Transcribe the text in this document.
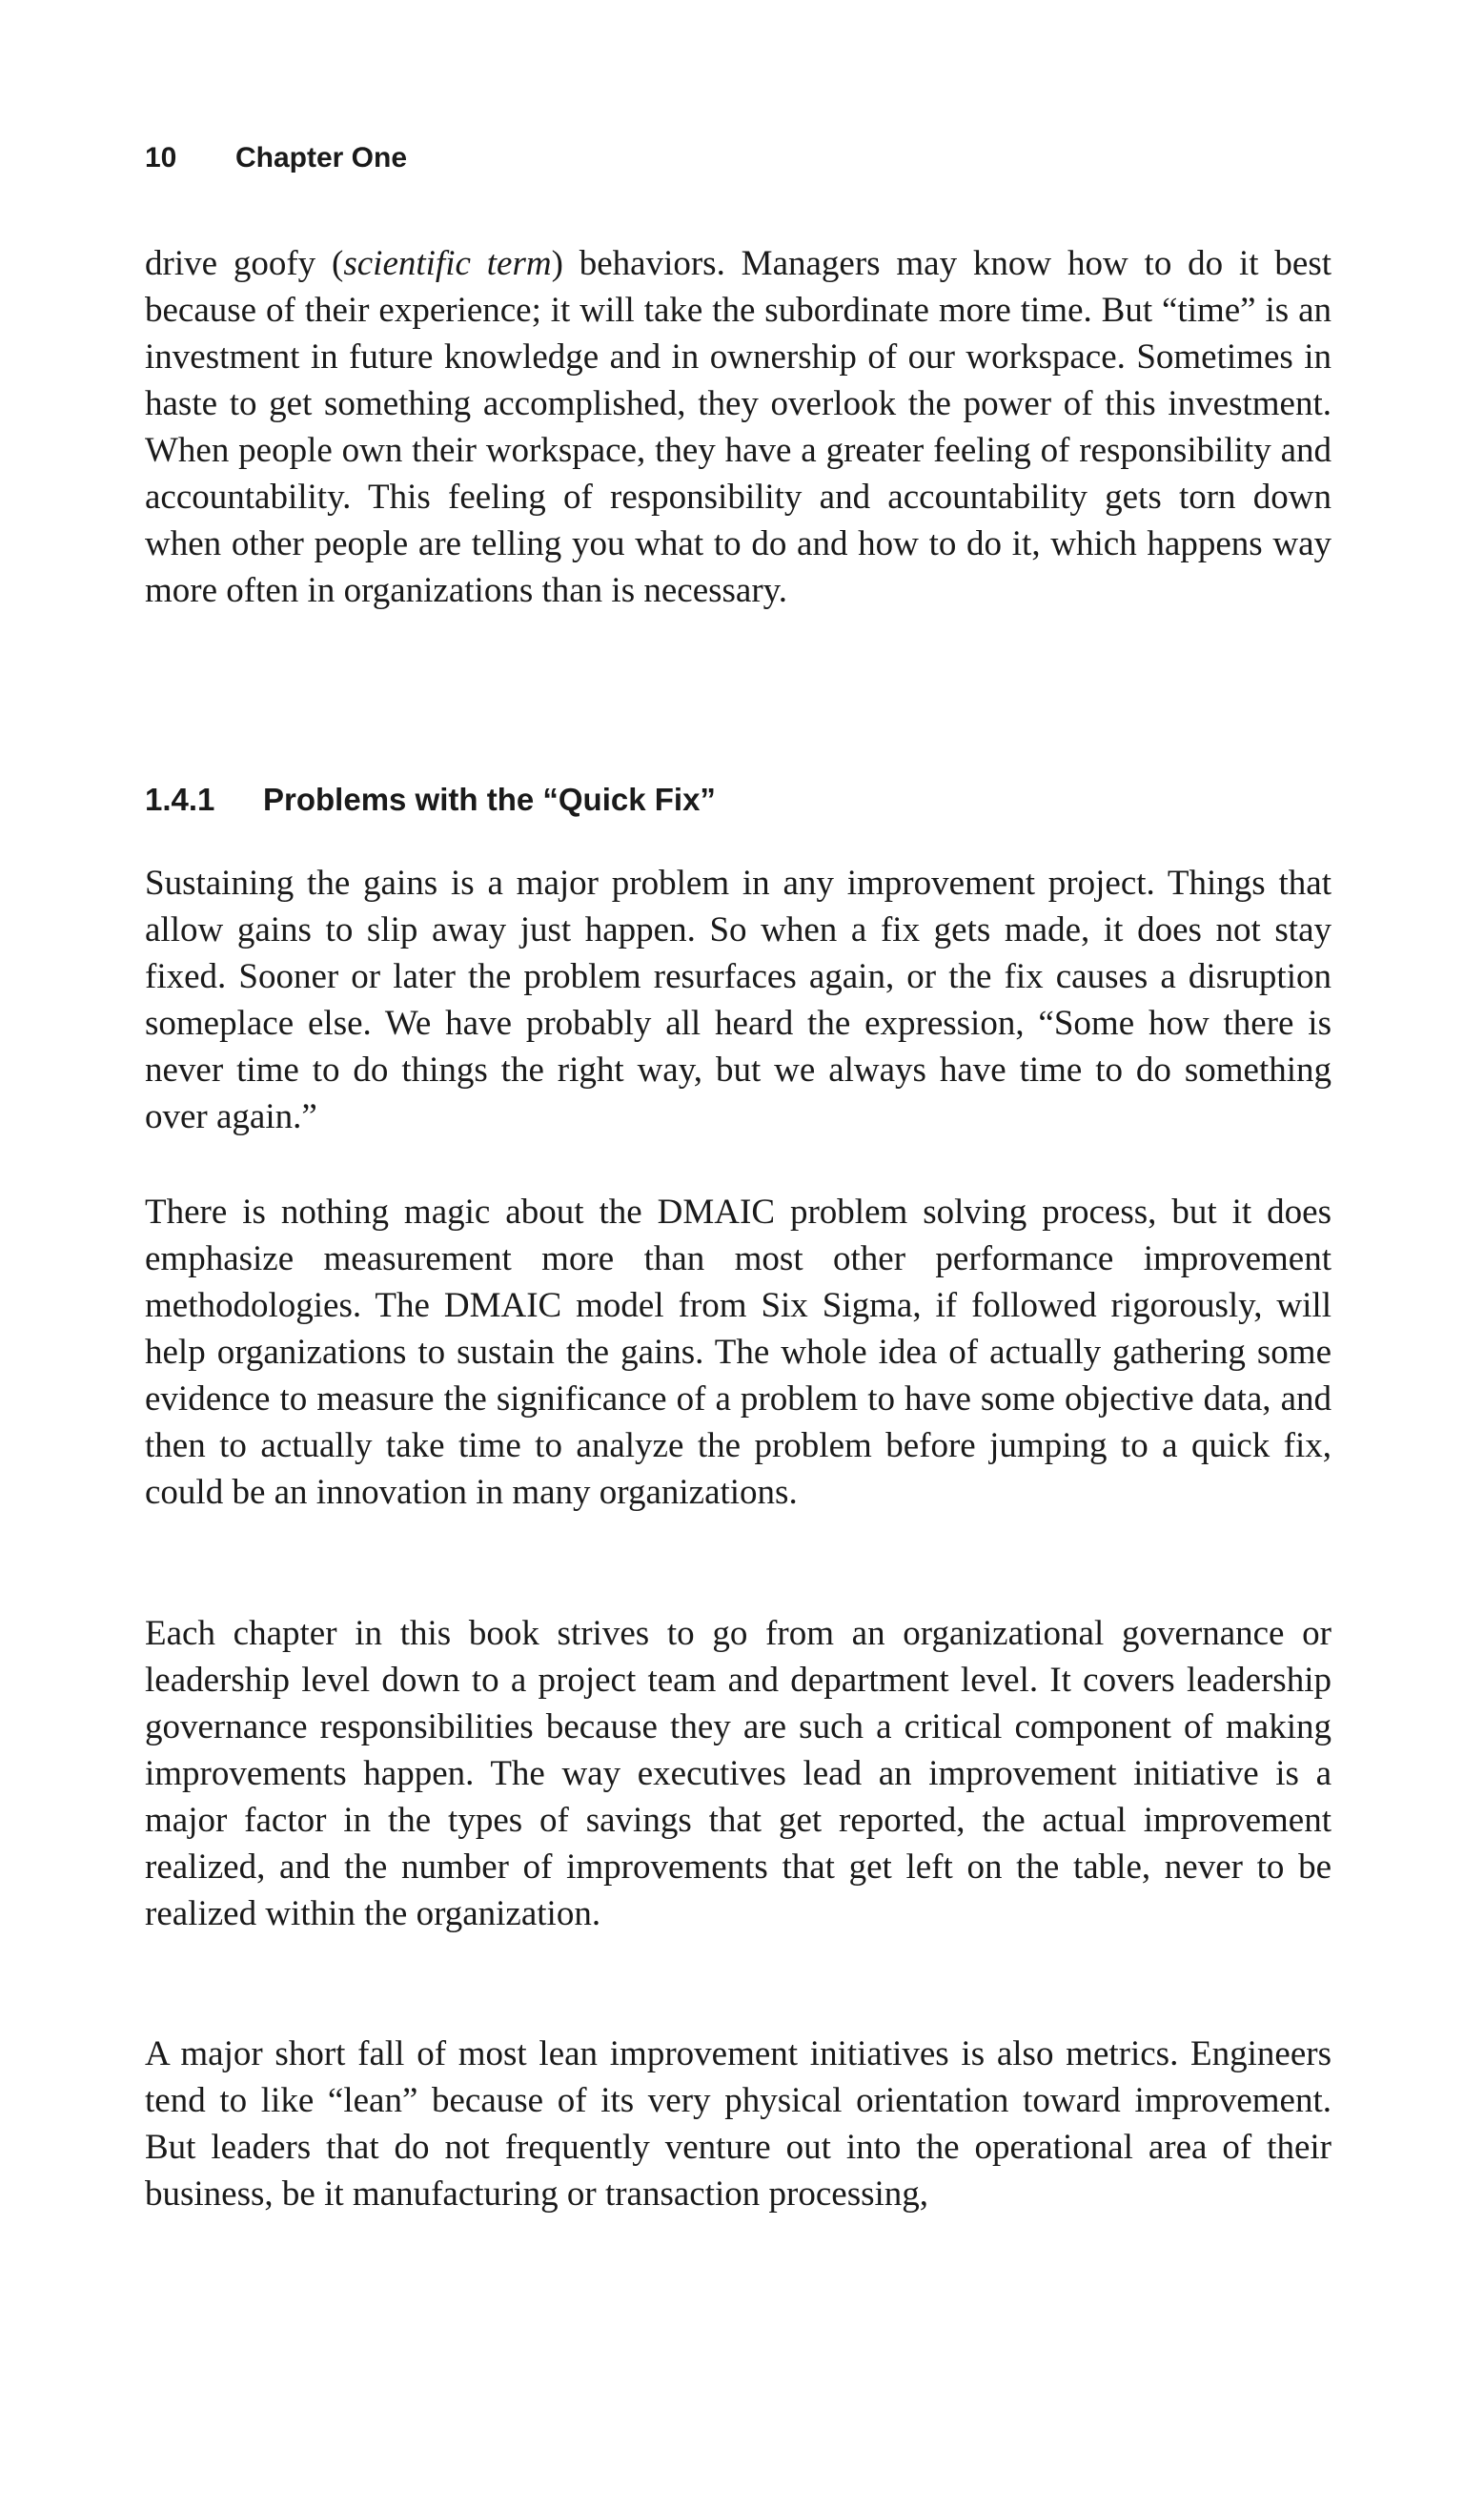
10 Chapter One

drive goofy (scientific term) behaviors. Managers may know how to do it best because of their experience; it will take the subordinate more time. But “time” is an investment in future knowledge and in ownership of our workspace. Sometimes in haste to get something accomplished, they overlook the power of this investment. When people own their workspace, they have a greater feeling of responsibility and accountability. This feeling of responsibility and accountability gets torn down when other people are telling you what to do and how to do it, which happens way more often in organizations than is necessary.

1.4.1 Problems with the “Quick Fix”

Sustaining the gains is a major problem in any improvement project. Things that allow gains to slip away just happen. So when a fix gets made, it does not stay fixed. Sooner or later the problem resurfaces again, or the fix causes a disruption someplace else. We have probably all heard the expression, “Some how there is never time to do things the right way, but we always have time to do something over again.”

There is nothing magic about the DMAIC problem solving process, but it does emphasize measurement more than most other performance improvement methodologies. The DMAIC model from Six Sigma, if followed rigorously, will help organizations to sustain the gains. The whole idea of actually gathering some evidence to measure the significance of a problem to have some objective data, and then to actually take time to analyze the problem before jumping to a quick fix, could be an innovation in many organizations.

Each chapter in this book strives to go from an organizational governance or leadership level down to a project team and department level. It covers leadership governance responsibilities because they are such a critical component of making improvements happen. The way executives lead an improvement initiative is a major factor in the types of savings that get reported, the actual improvement realized, and the number of improvements that get left on the table, never to be realized within the organization.

A major short fall of most lean improvement initiatives is also metrics. Engineers tend to like “lean” because of its very physical orientation toward improvement. But leaders that do not frequently venture out into the operational area of their business, be it manufacturing or transaction processing,
